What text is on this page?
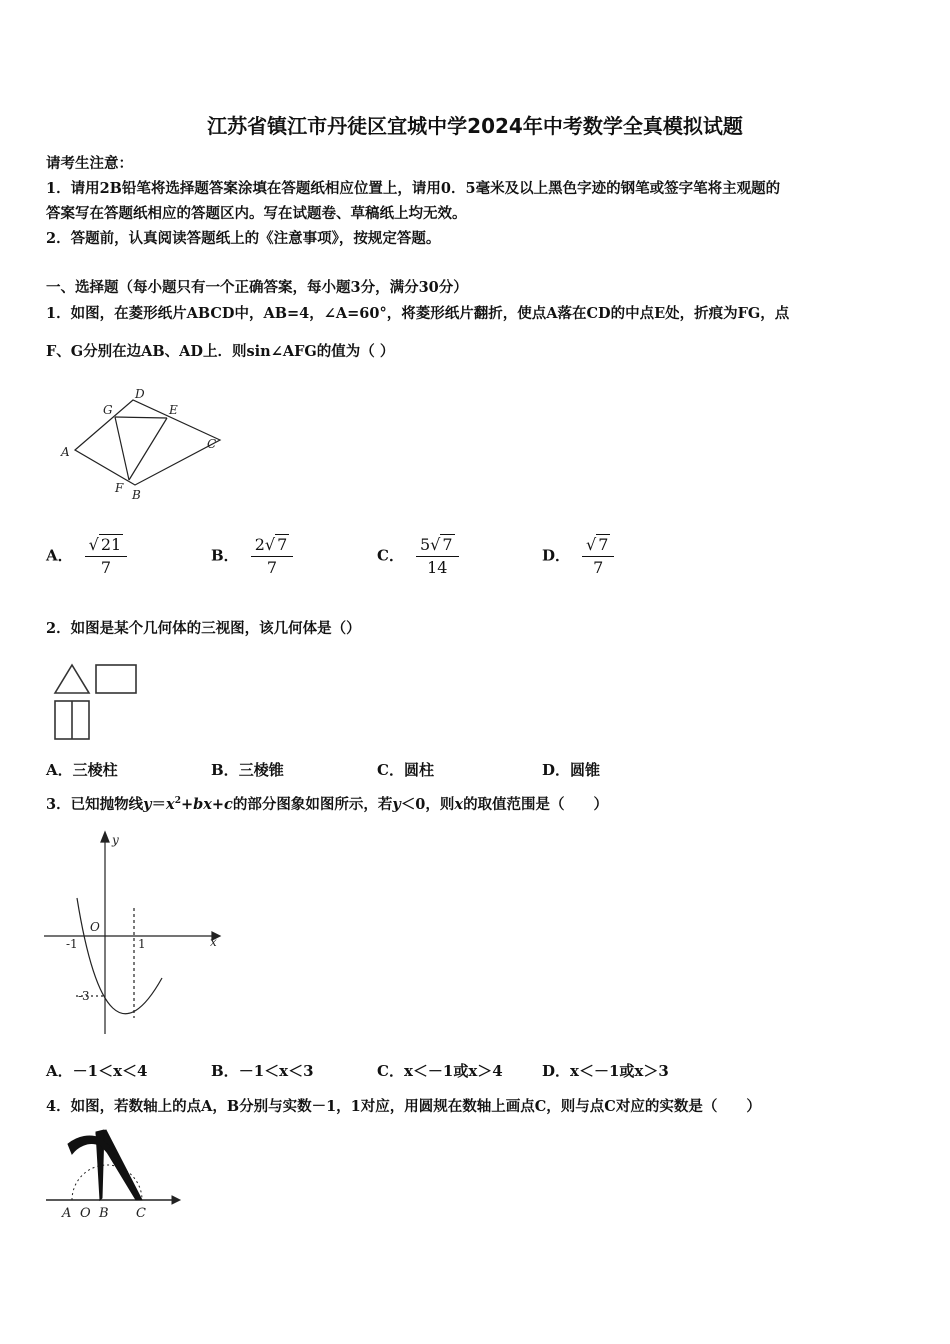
江苏省镇江市丹徒区宜城中学2024年中考数学全真模拟试题
请考生注意：
1．请用2B铅笔将选择题答案涂填在答题纸相应位置上，请用0．5毫米及以上黑色字迹的钢笔或签字笔将主观题的
答案写在答题纸相应的答题区内。写在试题卷、草稿纸上均无效。
2．答题前，认真阅读答题纸上的《注意事项》，按规定答题。
一、选择题（每小题只有一个正确答案，每小题3分，满分30分）
1．如图，在菱形纸片ABCD中，AB=4，∠A=60°，将菱形纸片翻折，使点A落在CD的中点E处，折痕为FG，点
F、G分别在边AB、AD上．则sin∠AFG的值为（ ）
A
D
G	E
C
F B
A． $\frac{√ 21}{7}$	B． $\frac{2√ 7}{7}$	C． $\frac{5√ 7}{14}$	D． $\frac{√ 7}{7}$
2．如图是某个几何体的三视图，该几何体是（）
A．三棱柱	B．三棱锥	C．圆柱	D．圆锥
3．已知抛物线$y=x^2+bx+c$的部分图象如图所示，若y＜0，则x的取值范围是（　　）
y
x
O
-1	1
-3
A．－1＜x＜4	B．－1＜x＜3	C．x＜－1或x＞4	D．x＜－1或x＞3
4．如图，若数轴上的点A，B分别与实数－1，1对应，用圆规在数轴上画点C，则与点C对应的实数是（　　）
A O B C
